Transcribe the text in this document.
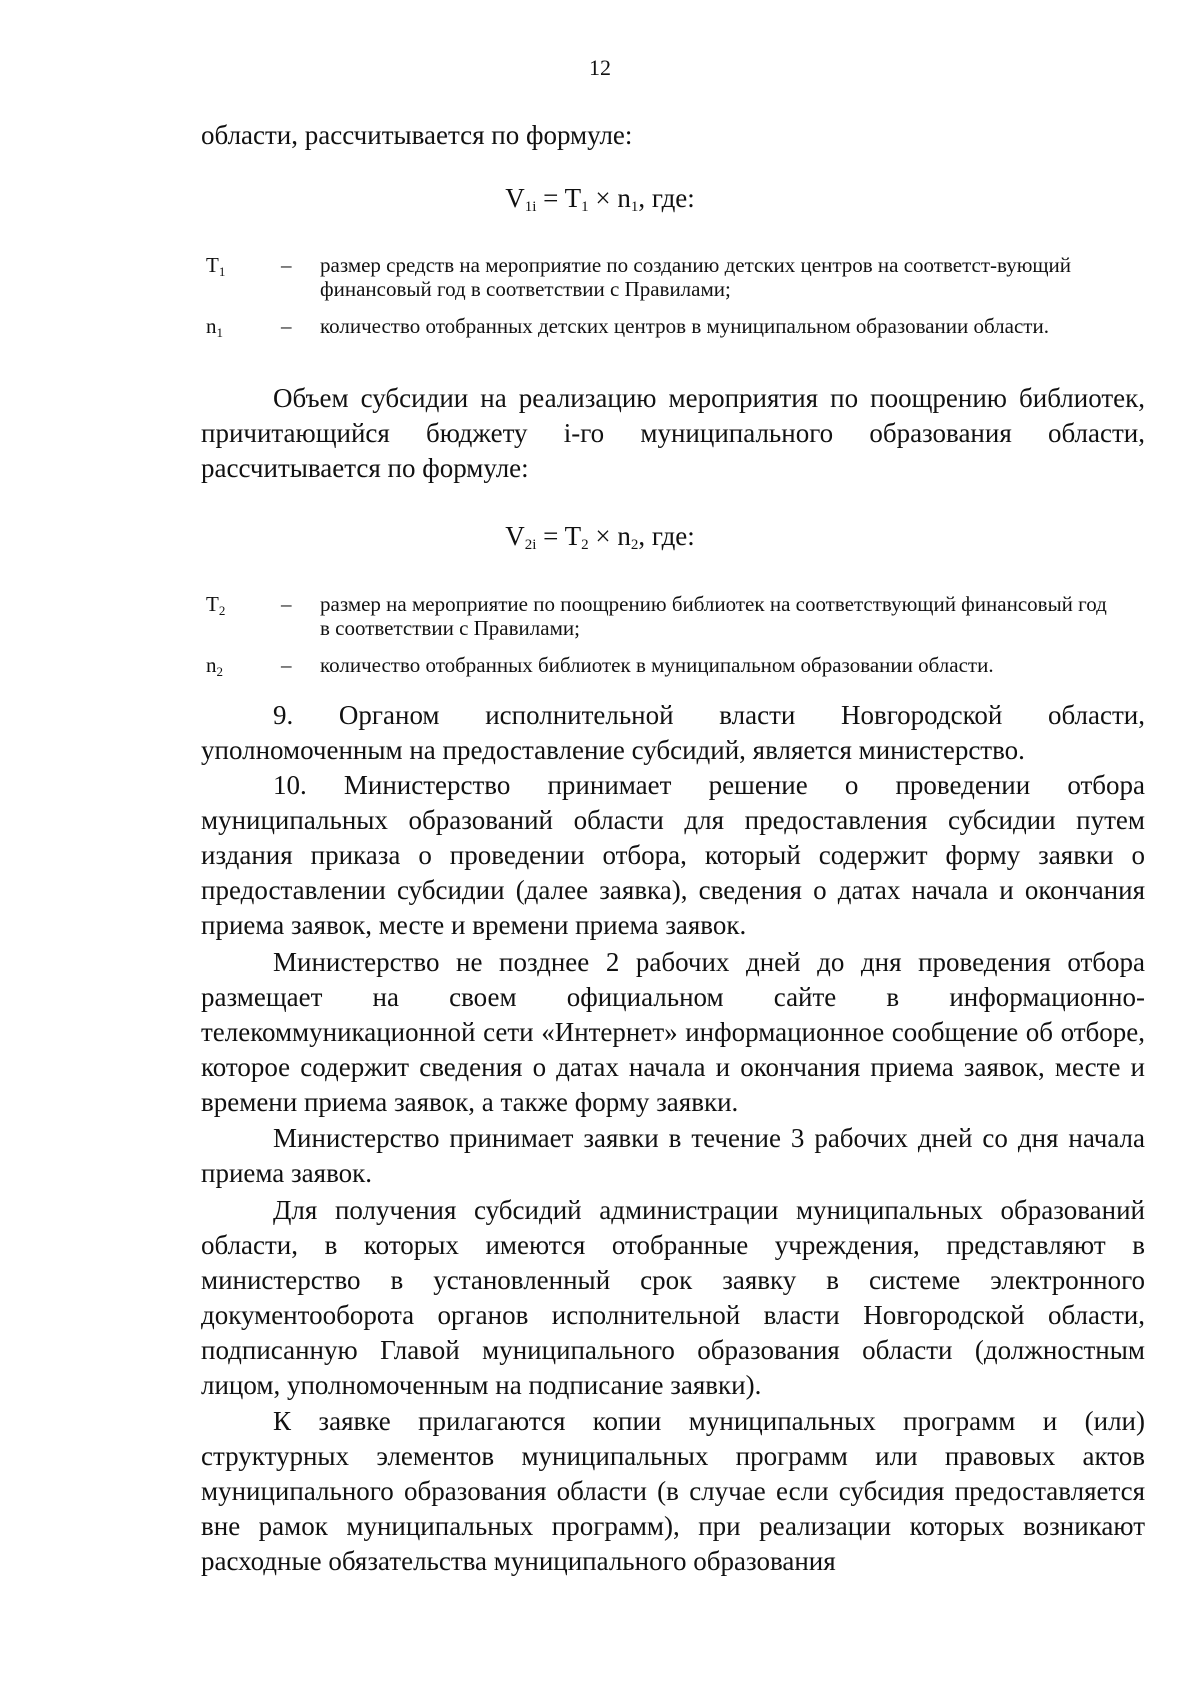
12

области, рассчитывается по формуле:

$V_{1i} = T_1 \times n_1$, где:
$T_1$	– размер средств на мероприятие по созданию детских центров на соответст-вующий финансовый год в соответствии с Правилами;
$n_1$	– количество отобранных детских центров в муниципальном образовании области.

Объем субсидии на реализацию мероприятия по поощрению библиотек, причитающийся бюджету i-го муниципального образования области, рассчитывается по формуле:

$V_{2i} = T_2 \times n_2$, где:
$T_2$	– размер на мероприятие по поощрению библиотек на соответствующий финансовый год в соответствии с Правилами;
$n_2$	– количество отобранных библиотек в муниципальном образовании области.

9. Органом исполнительной власти Новгородской области, уполномоченным на предоставление субсидий, является министерство.

10. Министерство принимает решение о проведении отбора муниципальных образований области для предоставления субсидии путем издания приказа о проведении отбора, который содержит форму заявки о предоставлении субсидии (далее заявка), сведения о датах начала и окончания приема заявок, месте и времени приема заявок.

Министерство не позднее 2 рабочих дней до дня проведения отбора размещает на своем официальном сайте в информационно-телекоммуникационной сети «Интернет» информационное сообщение об отборе, которое содержит сведения о датах начала и окончания приема заявок, месте и времени приема заявок, а также форму заявки.

Министерство принимает заявки в течение 3 рабочих дней со дня начала приема заявок.

Для получения субсидий администрации муниципальных образований области, в которых имеются отобранные учреждения, представляют в министерство в установленный срок заявку в системе электронного документооборота органов исполнительной власти Новгородской области, подписанную Главой муниципального образования области (должностным лицом, уполномоченным на подписание заявки).

К заявке прилагаются копии муниципальных программ и (или) структурных элементов муниципальных программ или правовых актов муниципального образования области (в случае если субсидия предоставляется вне рамок муниципальных программ), при реализации которых возникают расходные обязательства муниципального образования
